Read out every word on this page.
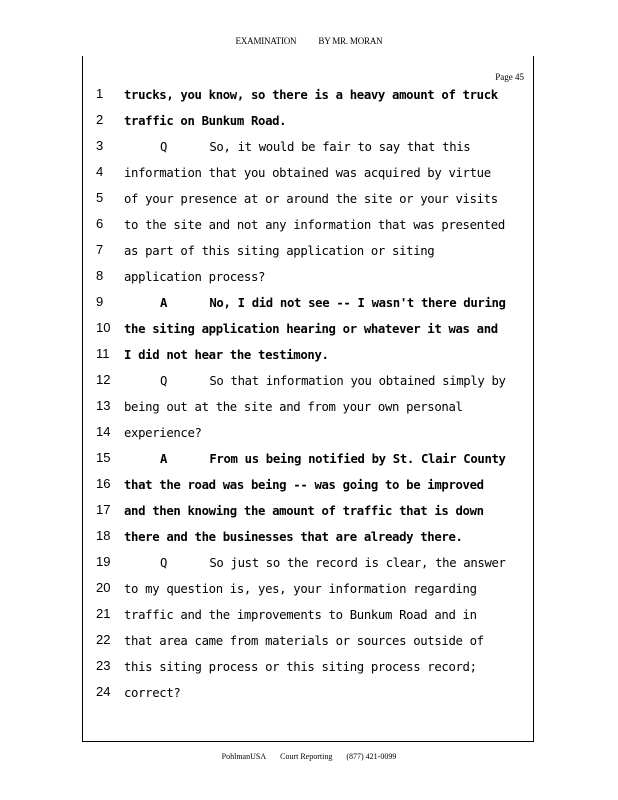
EXAMINATION BY MR. MORAN
Page 45
1	trucks, you know, so there is a heavy amount of truck
2	traffic on Bunkum Road.
3	Q      So, it would be fair to say that this
4	information that you obtained was acquired by virtue
5	of your presence at or around the site or your visits
6	to the site and not any information that was presented
7	as part of this siting application or siting
8	application process?
9	A      No, I did not see -- I wasn't there during
10 the siting application hearing or whatever it was and
11 I did not hear the testimony.
12	Q      So that information you obtained simply by
13 being out at the site and from your own personal
14 experience?
15	A      From us being notified by St. Clair County
16 that the road was being -- was going to be improved
17 and then knowing the amount of traffic that is down
18 there and the businesses that are already there.
19	Q      So just so the record is clear, the answer
20 to my question is, yes, your information regarding
21 traffic and the improvements to Bunkum Road and in
22 that area came from materials or sources outside of
23 this siting process or this siting process record;
24 correct?
PohlmanUSA Court Reporting (877) 421-0099
